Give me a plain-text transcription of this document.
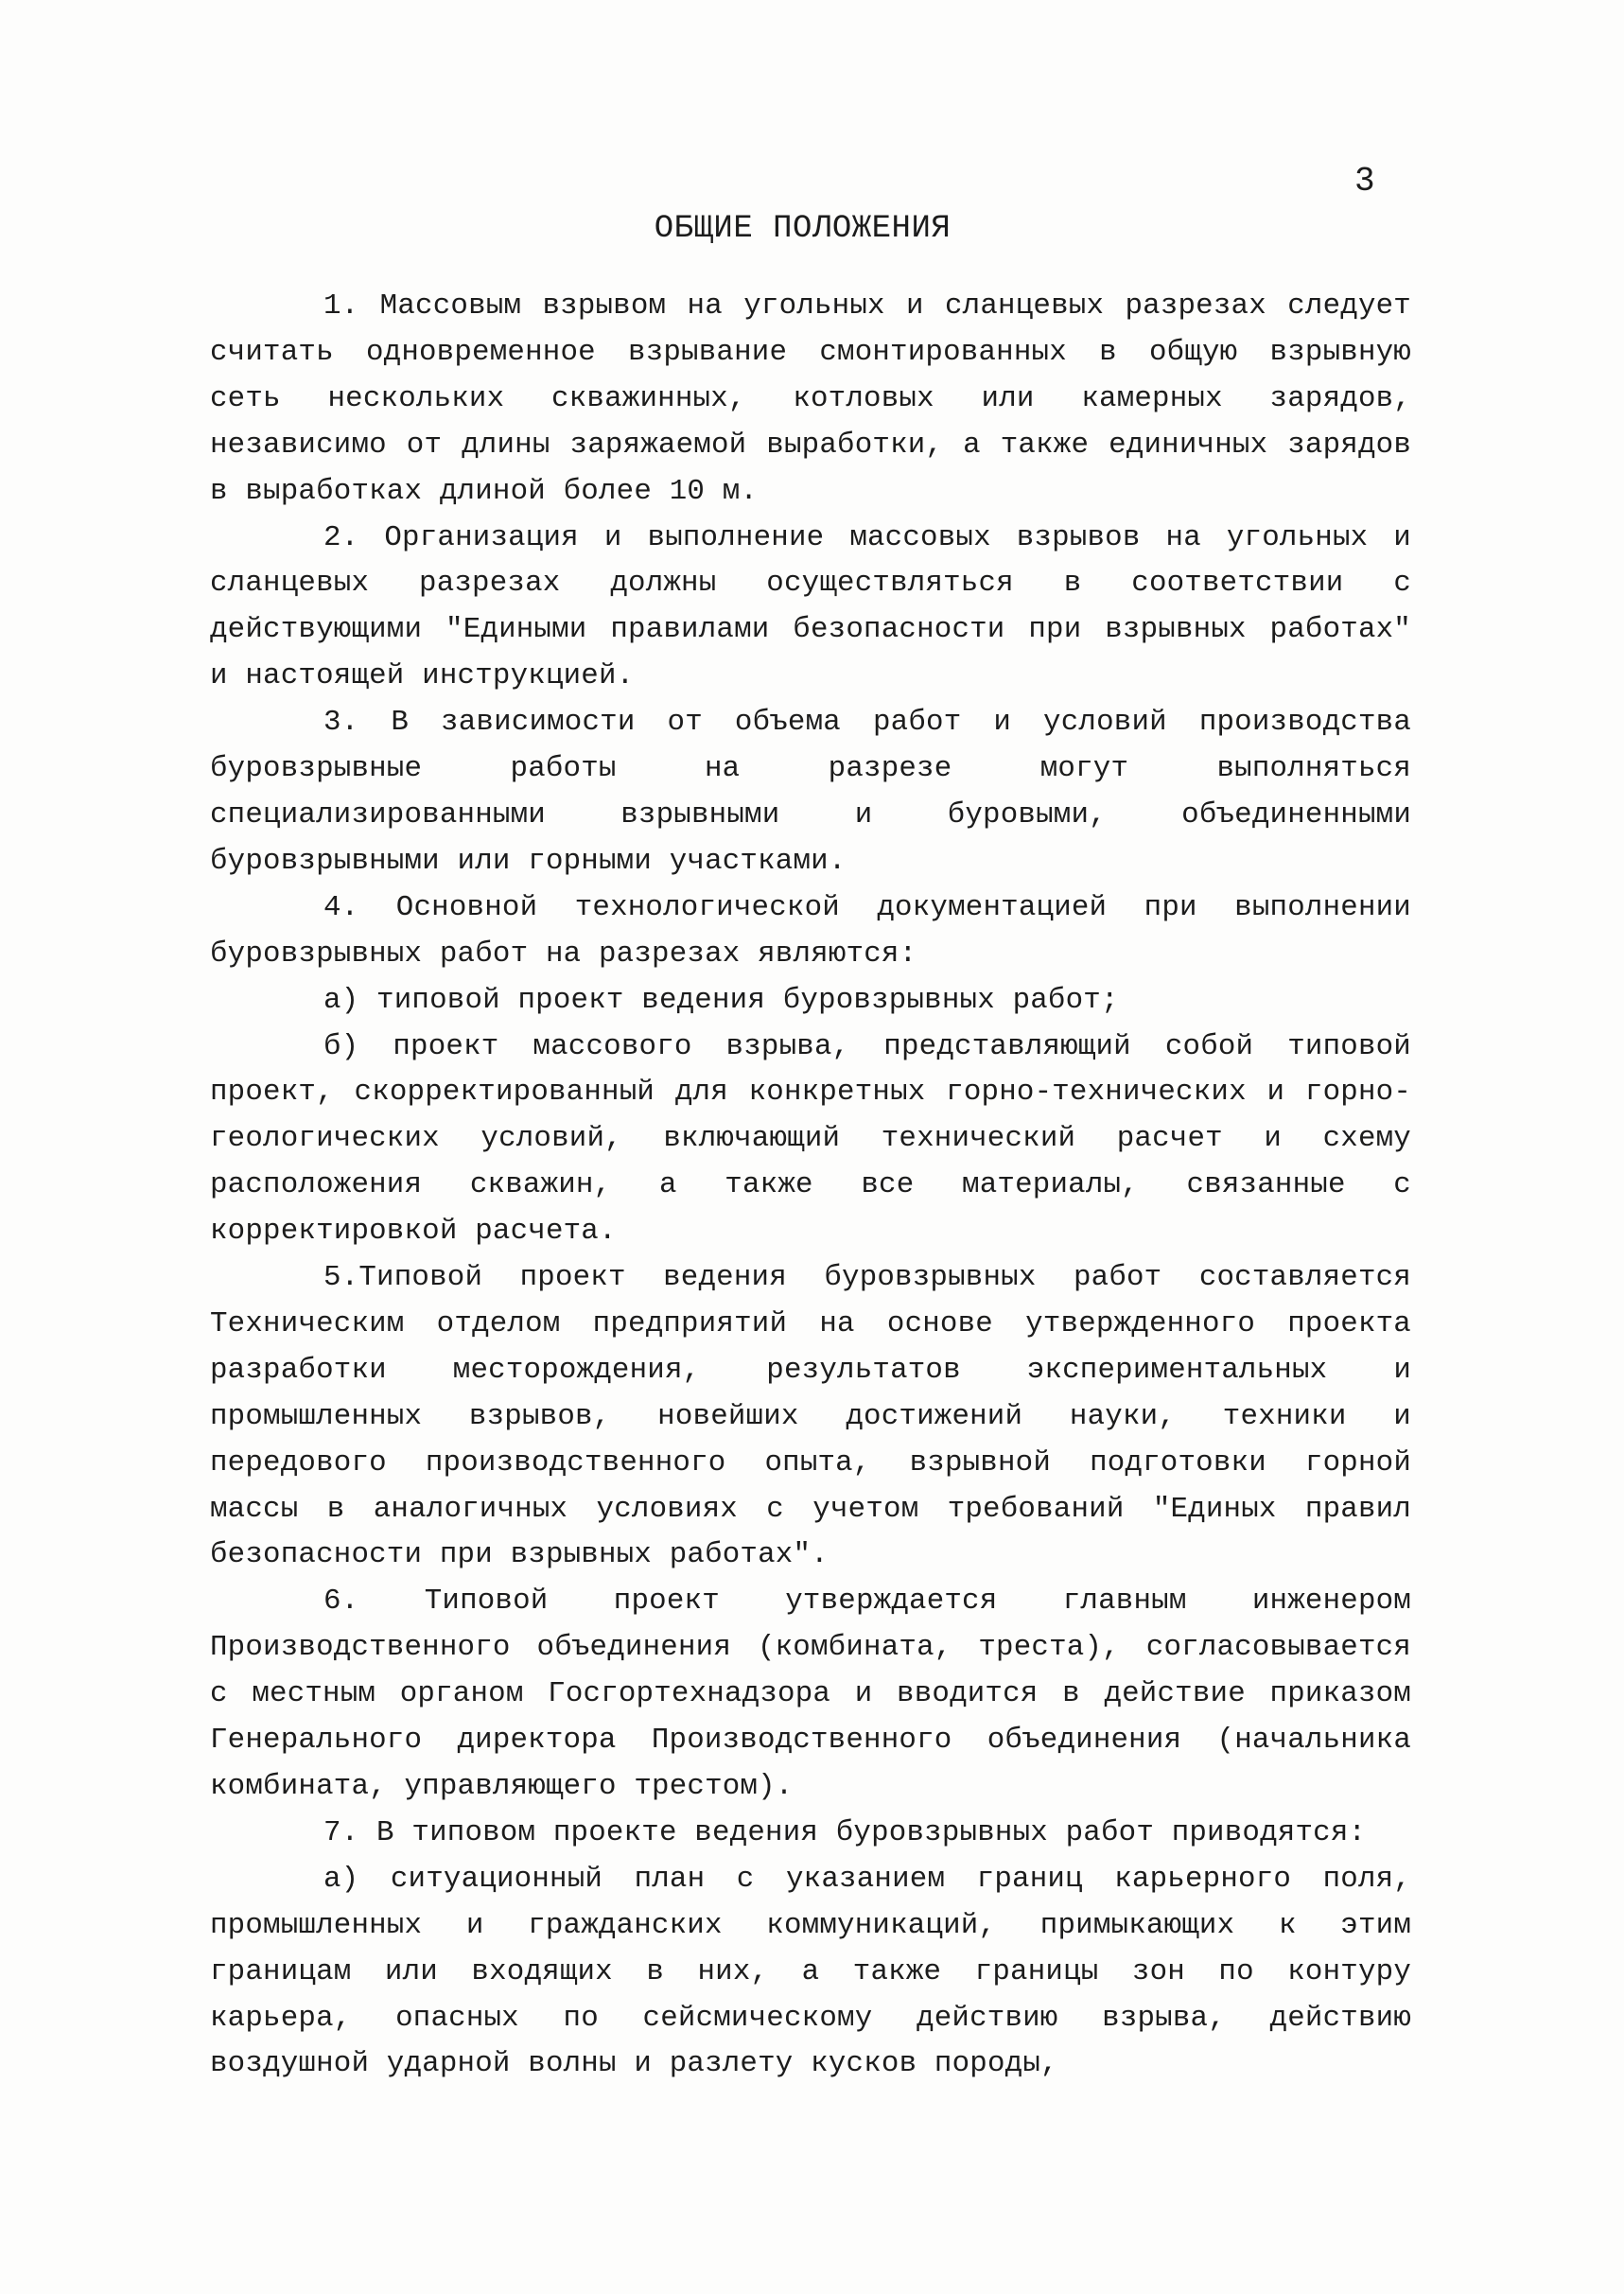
3
ОБЩИЕ ПОЛОЖЕНИЯ

1. Массовым взрывом на угольных и сланцевых разрезах следует считать одновременное взрывание смонтированных в общую взрывную сеть нескольких скважинных, котловых или камерных зарядов, независимо от длины заряжаемой выработки, а также единичных зарядов в выработках длиной более 10 м.

2. Организация и выполнение массовых взрывов на угольных и сланцевых разрезах должны осуществляться в соответствии с действующими "Едиными правилами безопасности при взрывных работах" и настоящей инструкцией.

3. В зависимости от объема работ и условий производства буровзрывные работы на разрезе могут выполняться специализированными взрывными и буровыми, объединенными буровзрывными или горными участками.

4. Основной технологической документацией при выполнении буровзрывных работ на разрезах являются:

а) типовой проект ведения буровзрывных работ;

б) проект массового взрыва, представляющий собой типовой проект, скорректированный для конкретных горно-технических и горно-геологических условий, включающий технический расчет и схему расположения скважин, а также все материалы, связанные с корректировкой расчета.

5.Типовой проект ведения буровзрывных работ составляется Техническим отделом предприятий на основе утвержденного проекта разработки месторождения, результатов экспериментальных и промышленных взрывов, новейших достижений науки, техники и передового производственного опыта, взрывной подготовки горной массы в аналогичных условиях с учетом требований "Единых правил безопасности при взрывных работах".

6. Типовой проект утверждается главным инженером Производственного объединения (комбината, треста), согласовывается с местным органом Госгортехнадзора и вводится в действие приказом Генерального директора Производственного объединения (начальника комбината, управляющего трестом).

7. В типовом проекте ведения буровзрывных работ приводятся:

а) ситуационный план с указанием границ карьерного поля, промышленных и гражданских коммуникаций, примыкающих к этим границам или входящих в них, а также границы зон по контуру карьера, опасных по сейсмическому действию взрыва, действию воздушной ударной волны и разлету кусков породы,
